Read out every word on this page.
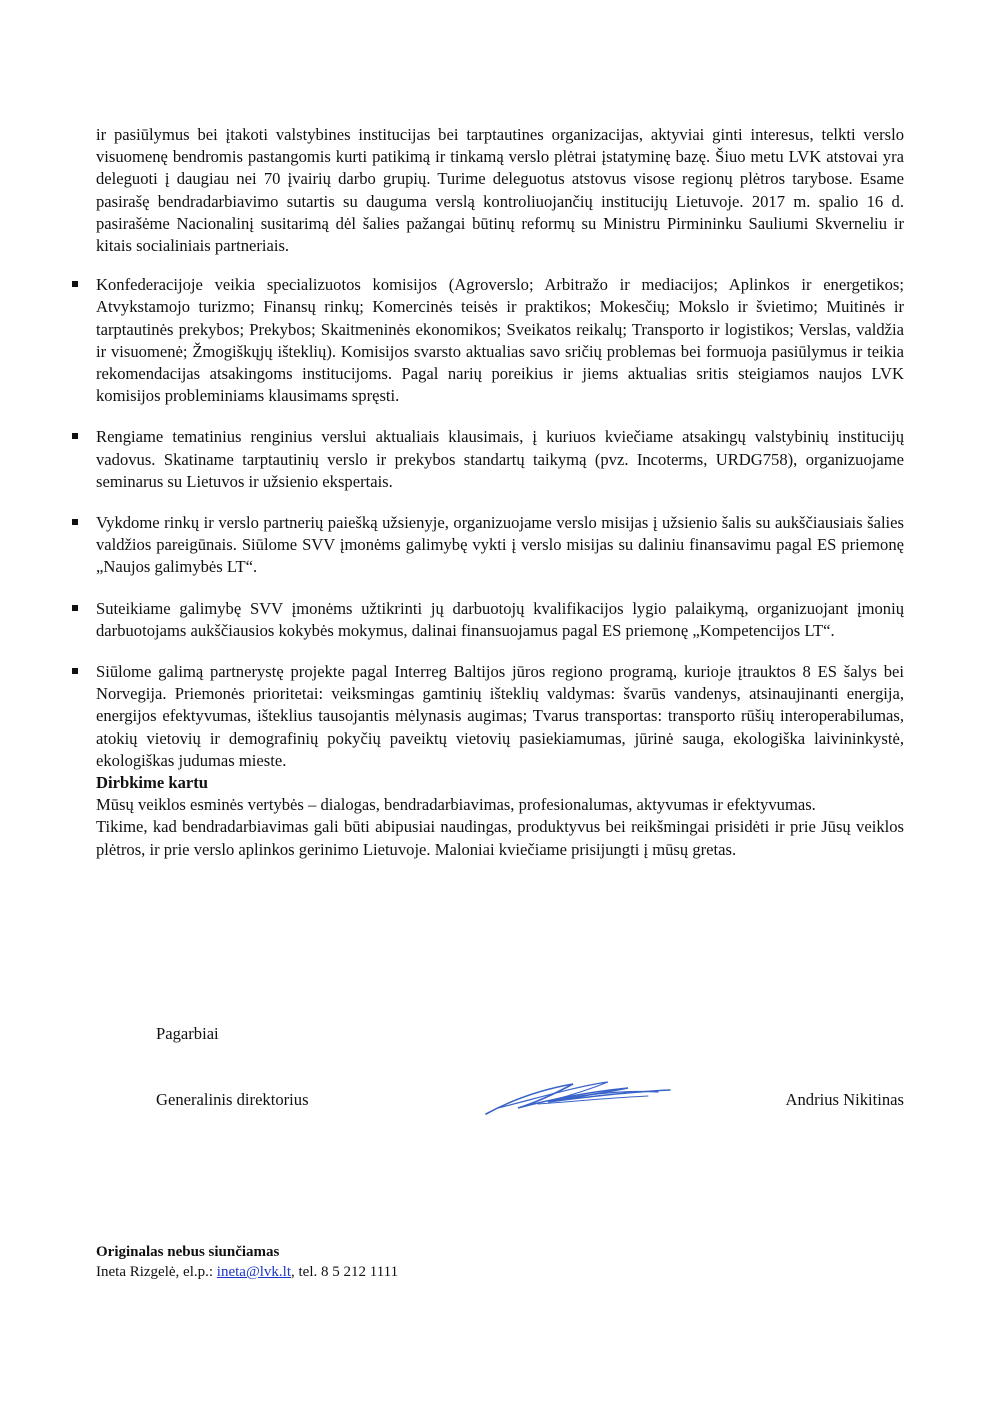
ir pasiūlymus bei įtakoti valstybines institucijas bei tarptautines organizacijas, aktyviai ginti interesus, telkti verslo visuomenę bendromis pastangomis kurti patikimą ir tinkamą verslo plėtrai įstatyminę bazę. Šiuo metu LVK atstovai yra deleguoti į daugiau nei 70 įvairių darbo grupių. Turime deleguotus atstovus visose regionų plėtros tarybose. Esame pasirašę bendradarbiavimo sutartis su dauguma verslą kontroliuojančių institucijų Lietuvoje. 2017 m. spalio 16 d. pasirašėme Nacionalinį susitarimą dėl šalies pažangai būtinų reformų su Ministru Pirmininku Sauliumi Skverneliu ir kitais socialiniais partneriais.

Konfederacijoje veikia specializuotos komisijos (Agroverslo; Arbitražo ir mediacijos; Aplinkos ir energetikos; Atvykstamojo turizmo; Finansų rinkų; Komercinės teisės ir praktikos; Mokesčių; Mokslo ir švietimo; Muitinės ir tarptautinės prekybos; Prekybos; Skaitmeninės ekonomikos; Sveikatos reikalų; Transporto ir logistikos; Verslas, valdžia ir visuomenė; Žmogiškųjų išteklių). Komisijos svarsto aktualias savo sričių problemas bei formuoja pasiūlymus ir teikia rekomendacijas atsakingoms institucijoms. Pagal narių poreikius ir jiems aktualias sritis steigiamos naujos LVK komisijos probleminiams klausimams spręsti.
Rengiame tematinius renginius verslui aktualiais klausimais, į kuriuos kviečiame atsakingų valstybinių institucijų vadovus. Skatiname tarptautinių verslo ir prekybos standartų taikymą (pvz. Incoterms, URDG758), organizuojame seminarus su Lietuvos ir užsienio ekspertais.
Vykdome rinkų ir verslo partnerių paiešką užsienyje, organizuojame verslo misijas į užsienio šalis su aukščiausiais šalies valdžios pareigūnais. Siūlome SVV įmonėms galimybę vykti į verslo misijas su daliniu finansavimu pagal ES priemonę „Naujos galimybės LT“.
Suteikiame galimybę SVV įmonėms užtikrinti jų darbuotojų kvalifikacijos lygio palaikymą, organizuojant įmonių darbuotojams aukščiausios kokybės mokymus, dalinai finansuojamus pagal ES priemonę „Kompetencijos LT“.
Siūlome galimą partnerystę projekte pagal Interreg Baltijos jūros regiono programą, kurioje įtrauktos 8 ES šalys bei Norvegija. Priemonės prioritetai: veiksmingas gamtinių išteklių valdymas: švarūs vandenys, atsinaujinanti energija, energijos efektyvumas, išteklius tausojantis mėlynasis augimas; Tvarus transportas: transporto rūšių interoperabilumas, atokių vietovių ir demografinių pokyčių paveiktų vietovių pasiekiamumas, jūrinė sauga, ekologiška laivininkystė, ekologiškas judumas mieste.

Dirbkime kartu

Mūsų veiklos esminės vertybės – dialogas, bendradarbiavimas, profesionalumas, aktyvumas ir efektyvumas.

Tikime, kad bendradarbiavimas gali būti abipusiai naudingas, produktyvus bei reikšmingai prisidėti ir prie Jūsų veiklos plėtros, ir prie verslo aplinkos gerinimo Lietuvoje. Maloniai kviečiame prisijungti į mūsų gretas.

Pagarbiai
Generalinis direktorius	Andrius Nikitinas
Originalas nebus siunčiamas
Ineta Rizgelė, el.p.: ineta@lvk.lt, tel. 8 5 212 1111
